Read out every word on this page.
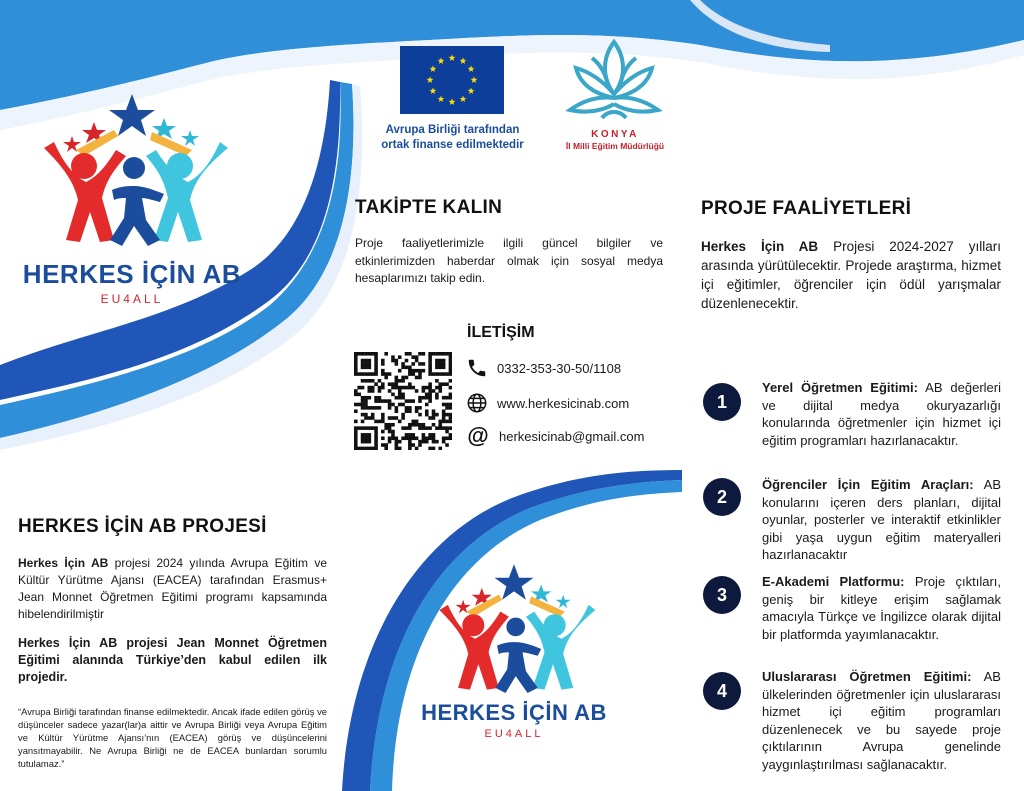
Avrupa Birliği tarafından
ortak finanse edilmektedir
KONYA
İl Milli Eğitim Müdürlüğü
HERKES İÇİN AB
EU4ALL
HERKES İÇİN AB
EU4ALL
HERKES İÇİN AB PROJESİ
Herkes İçin AB projesi 2024 yılında Avrupa Eğitim ve Kültür Yürütme Ajansı (EACEA) tarafından Erasmus+ Jean Monnet Öğretmen Eğitimi programı kapsamında hibelendirilmiştir
Herkes İçin AB projesi Jean Monnet Öğretmen Eğitimi alanında Türkiye’den kabul edilen ilk projedir.
“Avrupa Birliği tarafından finanse edilmektedir. Ancak ifade edilen görüş ve düşünceler sadece yazar(lar)a aittir ve Avrupa Birliği veya Avrupa Eğitim ve Kültür Yürütme Ajansı’nın (EACEA) görüş ve düşüncelerini yansıtmayabilir. Ne Avrupa Birliği ne de EACEA bunlardan sorumlu tutulamaz.”
TAKİPTE KALIN
Proje faaliyetlerimizle ilgili güncel bilgiler ve etkinlerimizden haberdar olmak için sosyal medya hesaplarımızı takip edin.
İLETİŞİM
0332-353-30-50/1108
www.herkesicinab.com
@ herkesicinab@gmail.com
PROJE FAALİYETLERİ
Herkes İçin AB Projesi 2024-2027 yılları arasında yürütülecektir. Projede araştırma, hizmet içi eğitimler, öğrenciler için ödül yarışmalar düzenlenecektir.
1
Yerel Öğretmen Eğitimi: AB değerleri ve dijital medya okuryazarlığı konularında öğretmenler için hizmet içi eğitim programları hazırlanacaktır.
2
Öğrenciler İçin Eğitim Araçları: AB konularını içeren ders planları, dijital oyunlar, posterler ve interaktif etkinlikler gibi yaşa uygun eğitim materyalleri hazırlanacaktır
3
E-Akademi Platformu: Proje çıktıları, geniş bir kitleye erişim sağlamak amacıyla Türkçe ve İngilizce olarak dijital bir platformda yayımlanacaktır.
4
Uluslararası Öğretmen Eğitimi: AB ülkelerinden öğretmenler için uluslararası hizmet içi eğitim programları düzenlenecek ve bu sayede proje çıktılarının Avrupa genelinde yaygınlaştırılması sağlanacaktır.
